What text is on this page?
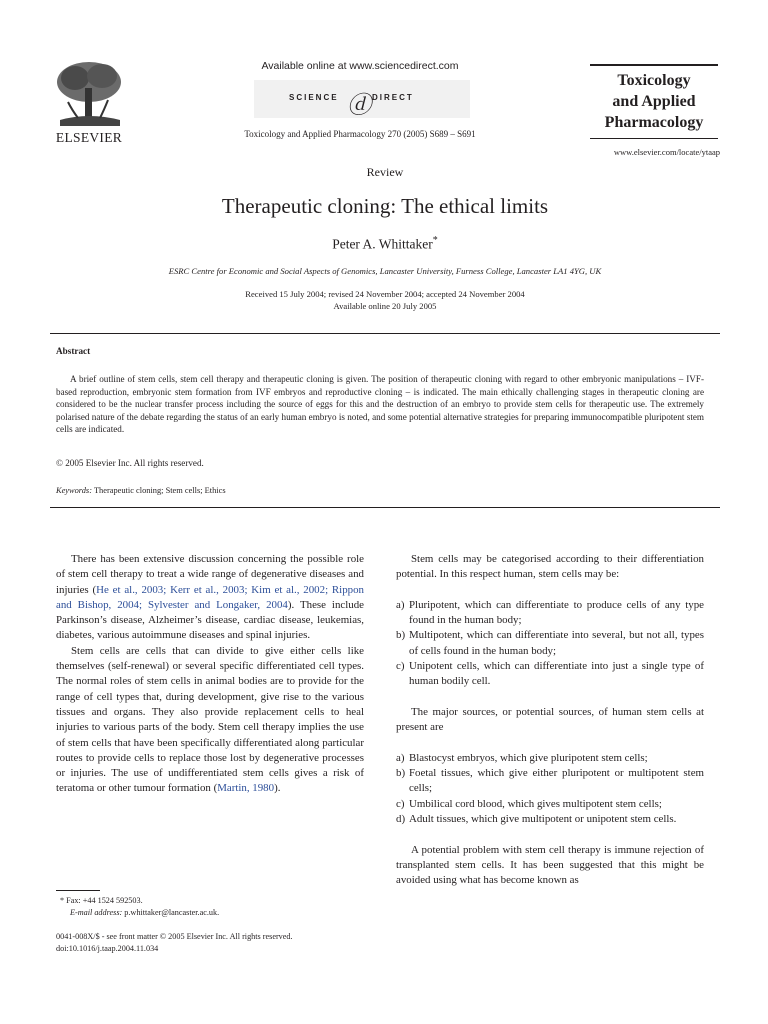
ELSEVIER
Available online at www.sciencedirect.com
SCIENCE ⓓ DIRECT
Toxicology and Applied Pharmacology 270 (2005) S689 – S691
Toxicology
and Applied
Pharmacology
www.elsevier.com/locate/ytaap
Review
Therapeutic cloning: The ethical limits
Peter A. Whittaker*
ESRC Centre for Economic and Social Aspects of Genomics, Lancaster University, Furness College, Lancaster LA1 4YG, UK
Received 15 July 2004; revised 24 November 2004; accepted 24 November 2004
Available online 20 July 2005
Abstract

A brief outline of stem cells, stem cell therapy and therapeutic cloning is given. The position of therapeutic cloning with regard to other embryonic manipulations – IVF-based reproduction, embryonic stem formation from IVF embryos and reproductive cloning – is indicated. The main ethically challenging stages in therapeutic cloning are considered to be the nuclear transfer process including the source of eggs for this and the destruction of an embryo to provide stem cells for therapeutic use. The extremely polarised nature of the debate regarding the status of an early human embryo is noted, and some potential alternative strategies for preparing immunocompatible pluripotent stem cells are indicated.

© 2005 Elsevier Inc. All rights reserved.
Keywords: Therapeutic cloning; Stem cells; Ethics

There has been extensive discussion concerning the possible role of stem cell therapy to treat a wide range of degenerative diseases and injuries (He et al., 2003; Kerr et al., 2003; Kim et al., 2002; Rippon and Bishop, 2004; Sylvester and Longaker, 2004). These include Parkinson’s disease, Alzheimer’s disease, cardiac disease, leukemias, diabetes, various autoimmune diseases and spinal injuries.

Stem cells are cells that can divide to give either cells like themselves (self-renewal) or several specific differentiated cell types. The normal roles of stem cells in animal bodies are to provide for the range of cell types that, during development, give rise to the various tissues and organs. They also provide replacement cells to heal injuries to various parts of the body. Stem cell therapy implies the use of stem cells that have been specifically differentiated along particular routes to provide cells to replace those lost by degenerative processes or injuries. The use of undifferentiated stem cells gives a risk of teratoma or other tumour formation (Martin, 1980).

Stem cells may be categorised according to their differentiation potential. In this respect human, stem cells may be:

a) Pluripotent, which can differentiate to produce cells of any type found in the human body;
b) Multipotent, which can differentiate into several, but not all, types of cells found in the human body;
c) Unipotent cells, which can differentiate into just a single type of human bodily cell.

The major sources, or potential sources, of human stem cells at present are

a) Blastocyst embryos, which give pluripotent stem cells;
b) Foetal tissues, which give either pluripotent or multipotent stem cells;
c) Umbilical cord blood, which gives multipotent stem cells;
d) Adult tissues, which give multipotent or unipotent stem cells.

A potential problem with stem cell therapy is immune rejection of transplanted stem cells. It has been suggested that this might be avoided using what has become known as

* Fax: +44 1524 592503.
E-mail address: p.whittaker@lancaster.ac.uk.
0041-008X/$ - see front matter © 2005 Elsevier Inc. All rights reserved.
doi:10.1016/j.taap.2004.11.034
